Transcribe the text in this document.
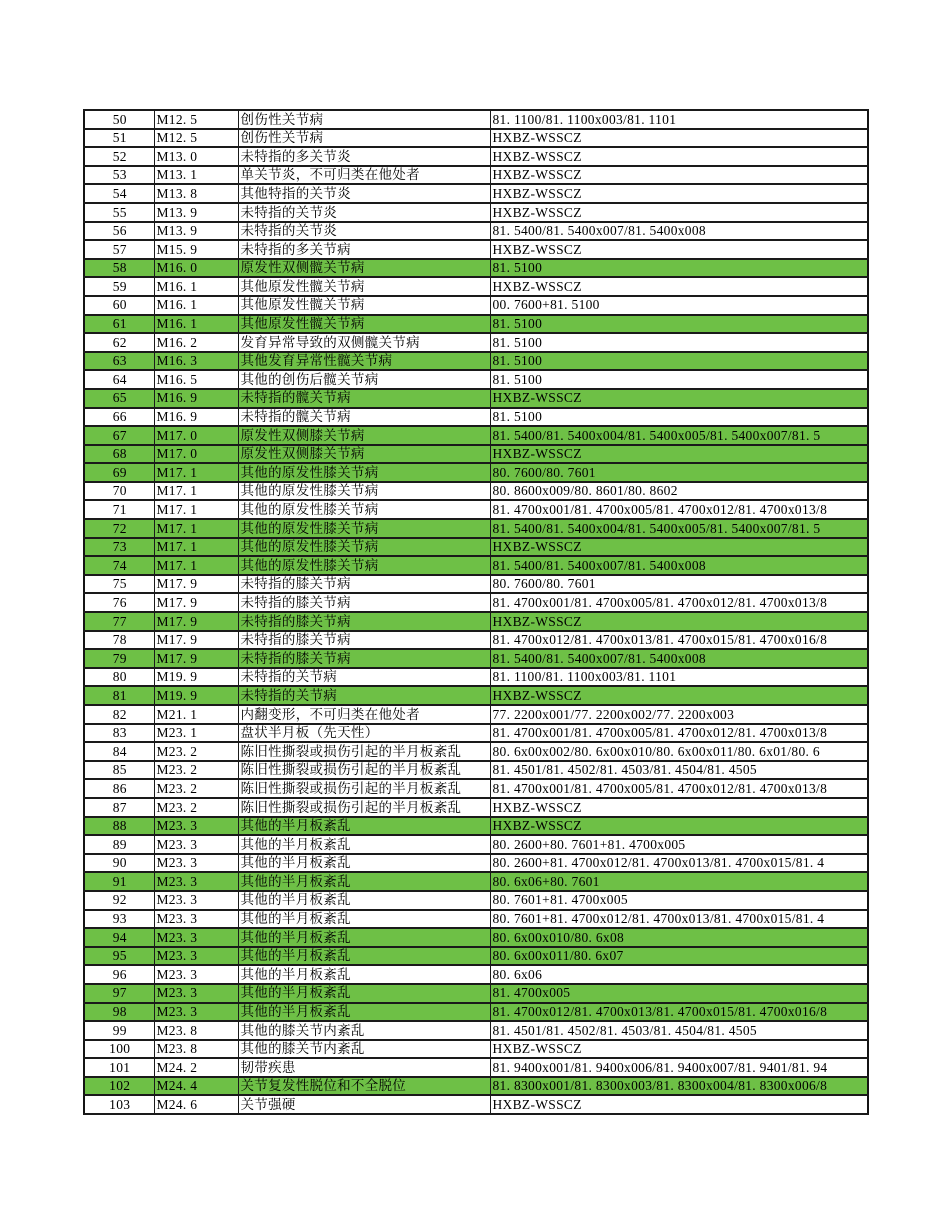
50	M12. 5	创伤性关节病	81. 1100/81. 1100x003/81. 1101
51	M12. 5	创伤性关节病	HXBZ-WSSCZ
52	M13. 0	未特指的多关节炎	HXBZ-WSSCZ
53	M13. 1	单关节炎，不可归类在他处者	HXBZ-WSSCZ
54	M13. 8	其他特指的关节炎	HXBZ-WSSCZ
55	M13. 9	未特指的关节炎	HXBZ-WSSCZ
56	M13. 9	未特指的关节炎	81. 5400/81. 5400x007/81. 5400x008
57	M15. 9	未特指的多关节病	HXBZ-WSSCZ
58	M16. 0	原发性双侧髋关节病	81. 5100
59	M16. 1	其他原发性髋关节病	HXBZ-WSSCZ
60	M16. 1	其他原发性髋关节病	00. 7600+81. 5100
61	M16. 1	其他原发性髋关节病	81. 5100
62	M16. 2	发育异常导致的双侧髋关节病	81. 5100
63	M16. 3	其他发育异常性髋关节病	81. 5100
64	M16. 5	其他的创伤后髋关节病	81. 5100
65	M16. 9	未特指的髋关节病	HXBZ-WSSCZ
66	M16. 9	未特指的髋关节病	81. 5100
67	M17. 0	原发性双侧膝关节病	81. 5400/81. 5400x004/81. 5400x005/81. 5400x007/81. 5
68	M17. 0	原发性双侧膝关节病	HXBZ-WSSCZ
69	M17. 1	其他的原发性膝关节病	80. 7600/80. 7601
70	M17. 1	其他的原发性膝关节病	80. 8600x009/80. 8601/80. 8602
71	M17. 1	其他的原发性膝关节病	81. 4700x001/81. 4700x005/81. 4700x012/81. 4700x013/8
72	M17. 1	其他的原发性膝关节病	81. 5400/81. 5400x004/81. 5400x005/81. 5400x007/81. 5
73	M17. 1	其他的原发性膝关节病	HXBZ-WSSCZ
74	M17. 1	其他的原发性膝关节病	81. 5400/81. 5400x007/81. 5400x008
75	M17. 9	未特指的膝关节病	80. 7600/80. 7601
76	M17. 9	未特指的膝关节病	81. 4700x001/81. 4700x005/81. 4700x012/81. 4700x013/8
77	M17. 9	未特指的膝关节病	HXBZ-WSSCZ
78	M17. 9	未特指的膝关节病	81. 4700x012/81. 4700x013/81. 4700x015/81. 4700x016/8
79	M17. 9	未特指的膝关节病	81. 5400/81. 5400x007/81. 5400x008
80	M19. 9	未特指的关节病	81. 1100/81. 1100x003/81. 1101
81	M19. 9	未特指的关节病	HXBZ-WSSCZ
82	M21. 1	内翻变形，不可归类在他处者	77. 2200x001/77. 2200x002/77. 2200x003
83	M23. 1	盘状半月板（先天性）	81. 4700x001/81. 4700x005/81. 4700x012/81. 4700x013/8
84	M23. 2	陈旧性撕裂或损伤引起的半月板紊乱	80. 6x00x002/80. 6x00x010/80. 6x00x011/80. 6x01/80. 6
85	M23. 2	陈旧性撕裂或损伤引起的半月板紊乱	81. 4501/81. 4502/81. 4503/81. 4504/81. 4505
86	M23. 2	陈旧性撕裂或损伤引起的半月板紊乱	81. 4700x001/81. 4700x005/81. 4700x012/81. 4700x013/8
87	M23. 2	陈旧性撕裂或损伤引起的半月板紊乱	HXBZ-WSSCZ
88	M23. 3	其他的半月板紊乱	HXBZ-WSSCZ
89	M23. 3	其他的半月板紊乱	80. 2600+80. 7601+81. 4700x005
90	M23. 3	其他的半月板紊乱	80. 2600+81. 4700x012/81. 4700x013/81. 4700x015/81. 4
91	M23. 3	其他的半月板紊乱	80. 6x06+80. 7601
92	M23. 3	其他的半月板紊乱	80. 7601+81. 4700x005
93	M23. 3	其他的半月板紊乱	80. 7601+81. 4700x012/81. 4700x013/81. 4700x015/81. 4
94	M23. 3	其他的半月板紊乱	80. 6x00x010/80. 6x08
95	M23. 3	其他的半月板紊乱	80. 6x00x011/80. 6x07
96	M23. 3	其他的半月板紊乱	80. 6x06
97	M23. 3	其他的半月板紊乱	81. 4700x005
98	M23. 3	其他的半月板紊乱	81. 4700x012/81. 4700x013/81. 4700x015/81. 4700x016/8
99	M23. 8	其他的膝关节内紊乱	81. 4501/81. 4502/81. 4503/81. 4504/81. 4505
100	M23. 8	其他的膝关节内紊乱	HXBZ-WSSCZ
101	M24. 2	韧带疾患	81. 9400x001/81. 9400x006/81. 9400x007/81. 9401/81. 94
102	M24. 4	关节复发性脱位和不全脱位	81. 8300x001/81. 8300x003/81. 8300x004/81. 8300x006/8
103	M24. 6	关节强硬	HXBZ-WSSCZ
